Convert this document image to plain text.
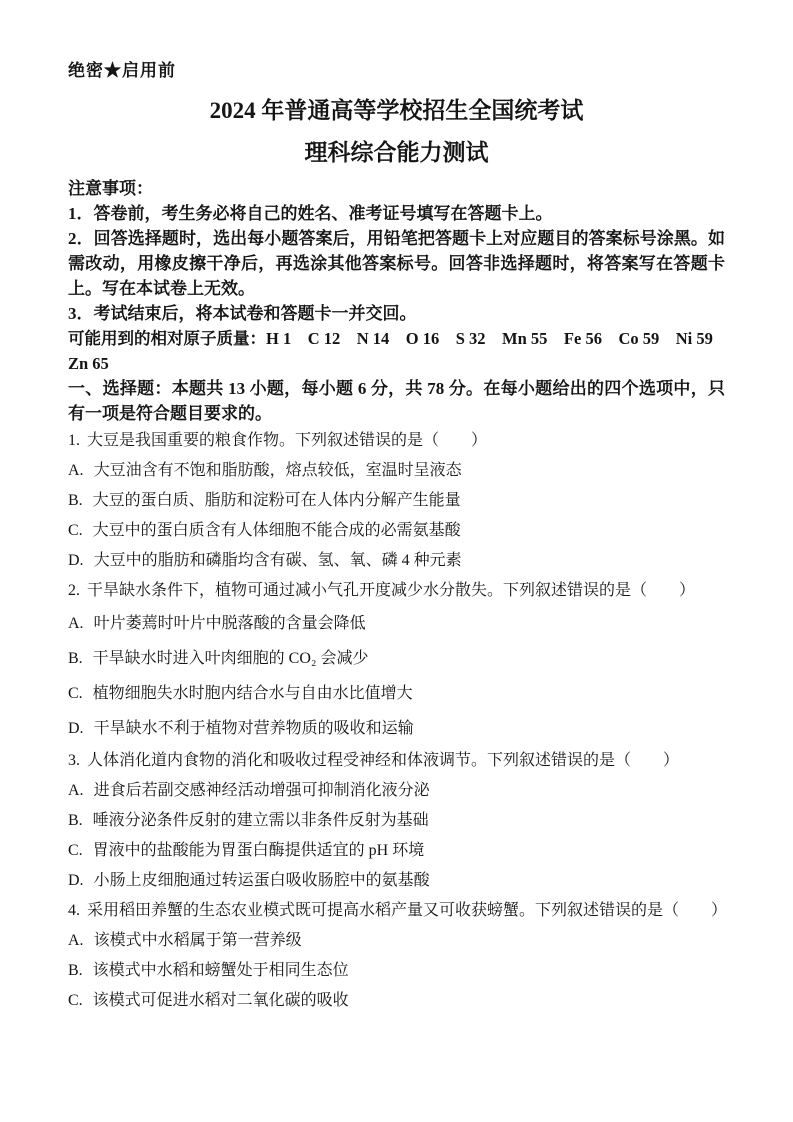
绝密★启用前
2024 年普通高等学校招生全国统考试
理科综合能力测试

注意事项：

1．答卷前，考生务必将自己的姓名、准考证号填写在答题卡上。

2．回答选择题时，选出每小题答案后，用铅笔把答题卡上对应题目的答案标号涂黑。如需改动，用橡皮擦干净后，再选涂其他答案标号。回答非选择题时，将答案写在答题卡上。写在本试卷上无效。

3．考试结束后，将本试卷和答题卡一并交回。

可能用到的相对原子质量：H 1　C 12　N 14　O 16　S 32　Mn 55　Fe 56　Co 59　Ni 59

Zn 65

一、选择题：本题共 13 小题，每小题 6 分，共 78 分。在每小题给出的四个选项中，只有一项是符合题目要求的。

1. 大豆是我国重要的粮食作物。下列叙述错误的是（　　）
A. 大豆油含有不饱和脂肪酸，熔点较低，室温时呈液态
B. 大豆的蛋白质、脂肪和淀粉可在人体内分解产生能量
C. 大豆中的蛋白质含有人体细胞不能合成的必需氨基酸
D. 大豆中的脂肪和磷脂均含有碳、氢、氧、磷 4 种元素
2. 干旱缺水条件下，植物可通过减小气孔开度减少水分散失。下列叙述错误的是（　　）
A. 叶片萎蔫时叶片中脱落酸的含量会降低
B. 干旱缺水时进入叶肉细胞的 CO₂ 会减少
C. 植物细胞失水时胞内结合水与自由水比值增大
D. 干旱缺水不利于植物对营养物质的吸收和运输
3. 人体消化道内食物的消化和吸收过程受神经和体液调节。下列叙述错误的是（　　）
A. 进食后若副交感神经活动增强可抑制消化液分泌
B. 唾液分泌条件反射的建立需以非条件反射为基础
C. 胃液中的盐酸能为胃蛋白酶提供适宜的 pH 环境
D. 小肠上皮细胞通过转运蛋白吸收肠腔中的氨基酸
4. 采用稻田养蟹的生态农业模式既可提高水稻产量又可收获螃蟹。下列叙述错误的是（　　）
A. 该模式中水稻属于第一营养级
B. 该模式中水稻和螃蟹处于相同生态位
C. 该模式可促进水稻对二氧化碳的吸收
